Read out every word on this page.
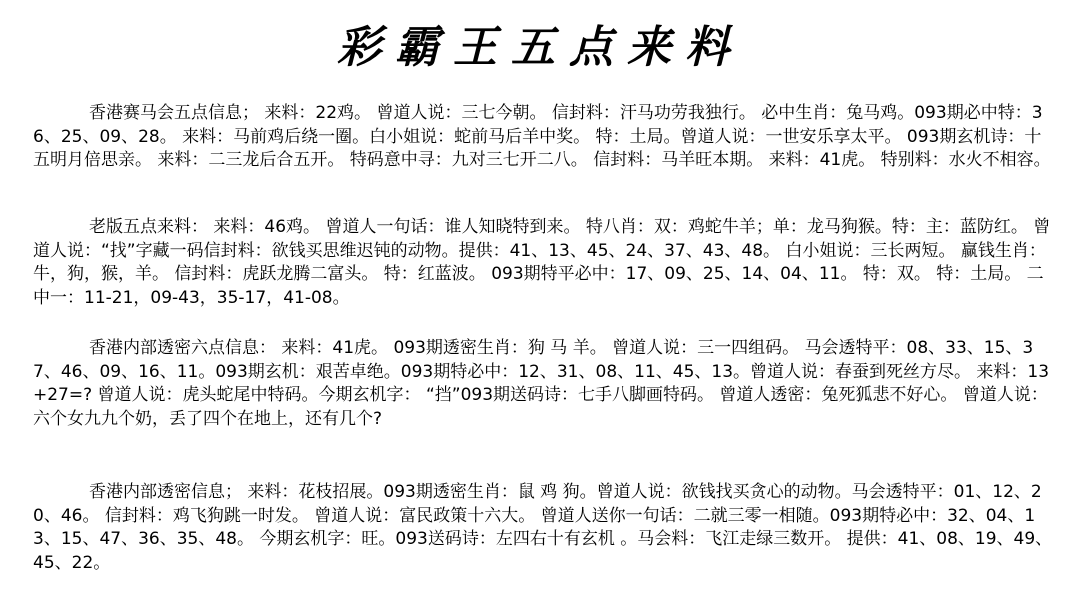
彩霸王五点来料
香港赛马会五点信息； 来料：22鸡。 曾道人说：三七今朝。 信封料：汗马功劳我独行。 必中生肖：兔马鸡。093期必中特：36、25、09、28。 来料：马前鸡后绕一圈。白小姐说：蛇前马后羊中奖。 特：土局。曾道人说：一世安乐享太平。 093期玄机诗：十五明月倍思亲。 来料：二三龙后合五开。 特码意中寻：九对三七开二八。 信封料：马羊旺本期。 来料：41虎。 特别料：水火不相容。
老版五点来料： 来料：46鸡。 曾道人一句话：谁人知晓特到来。 特八肖：双：鸡蛇牛羊；单：龙马狗猴。特：主：蓝防红。 曾道人说：“找”字藏一码信封料：欲钱买思维迟钝的动物。提供：41、13、45、24、37、43、48。 白小姐说：三长两短。 赢钱生肖：牛，狗，猴，羊。 信封料：虎跃龙腾二富头。 特：红蓝波。 093期特平必中：17、09、25、14、04、11。 特：双。 特：土局。 二中一：11-21，09-43，35-17，41-08。
香港内部透密六点信息： 来料：41虎。 093期透密生肖：狗 马 羊。 曾道人说：三一四组码。 马会透特平：08、33、15、37、46、09、16、11。093期玄机：艰苦卓绝。093期特必中：12、31、08、11、45、13。曾道人说：春蚕到死丝方尽。 来料：13+27=? 曾道人说：虎头蛇尾中特码。今期玄机字： “挡”093期送码诗：七手八脚画特码。 曾道人透密：兔死狐悲不好心。 曾道人说：六个女九九个奶，丢了四个在地上，还有几个?
香港内部透密信息； 来料：花枝招展。093期透密生肖：鼠 鸡 狗。曾道人说：欲钱找买贪心的动物。马会透特平：01、12、20、46。 信封料：鸡飞狗跳一时发。 曾道人说：富民政策十六大。 曾道人送你一句话：二就三零一相随。093期特必中：32、04、13、15、47、36、35、48。 今期玄机字：旺。093送码诗：左四右十有玄机 。马会料：飞江走绿三数开。 提供：41、08、19、49、45、22。
